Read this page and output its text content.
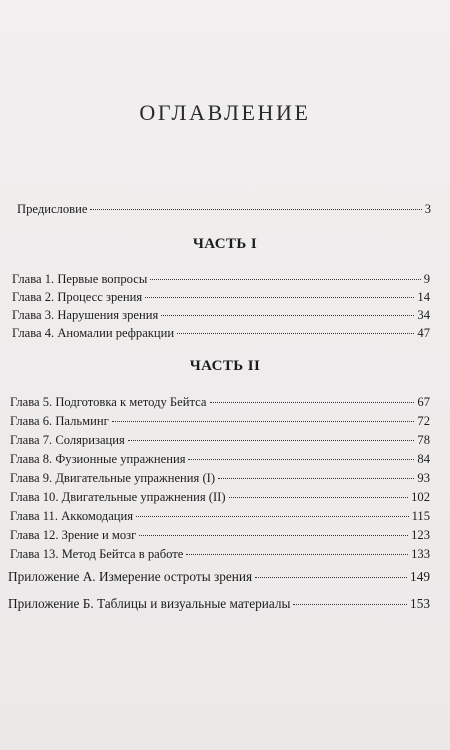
ОГЛАВЛЕНИЕ
Предисловие	3
ЧАСТЬ I
Глава 1. Первые вопросы	9
Глава 2. Процесс зрения	14
Глава 3. Нарушения зрения	34
Глава 4. Аномалии рефракции	47
ЧАСТЬ II
Глава 5. Подготовка к методу Бейтса	67
Глава 6. Пальминг	72
Глава 7. Соляризация	78
Глава 8. Фузионные упражнения	84
Глава 9. Двигательные упражнения (I)	93
Глава 10. Двигательные упражнения (II)	102
Глава 11. Аккомодация	115
Глава 12. Зрение и мозг	123
Глава 13. Метод Бейтса в работе	133
Приложение А. Измерение остроты зрения	149
Приложение Б. Таблицы и визуальные материалы	153
